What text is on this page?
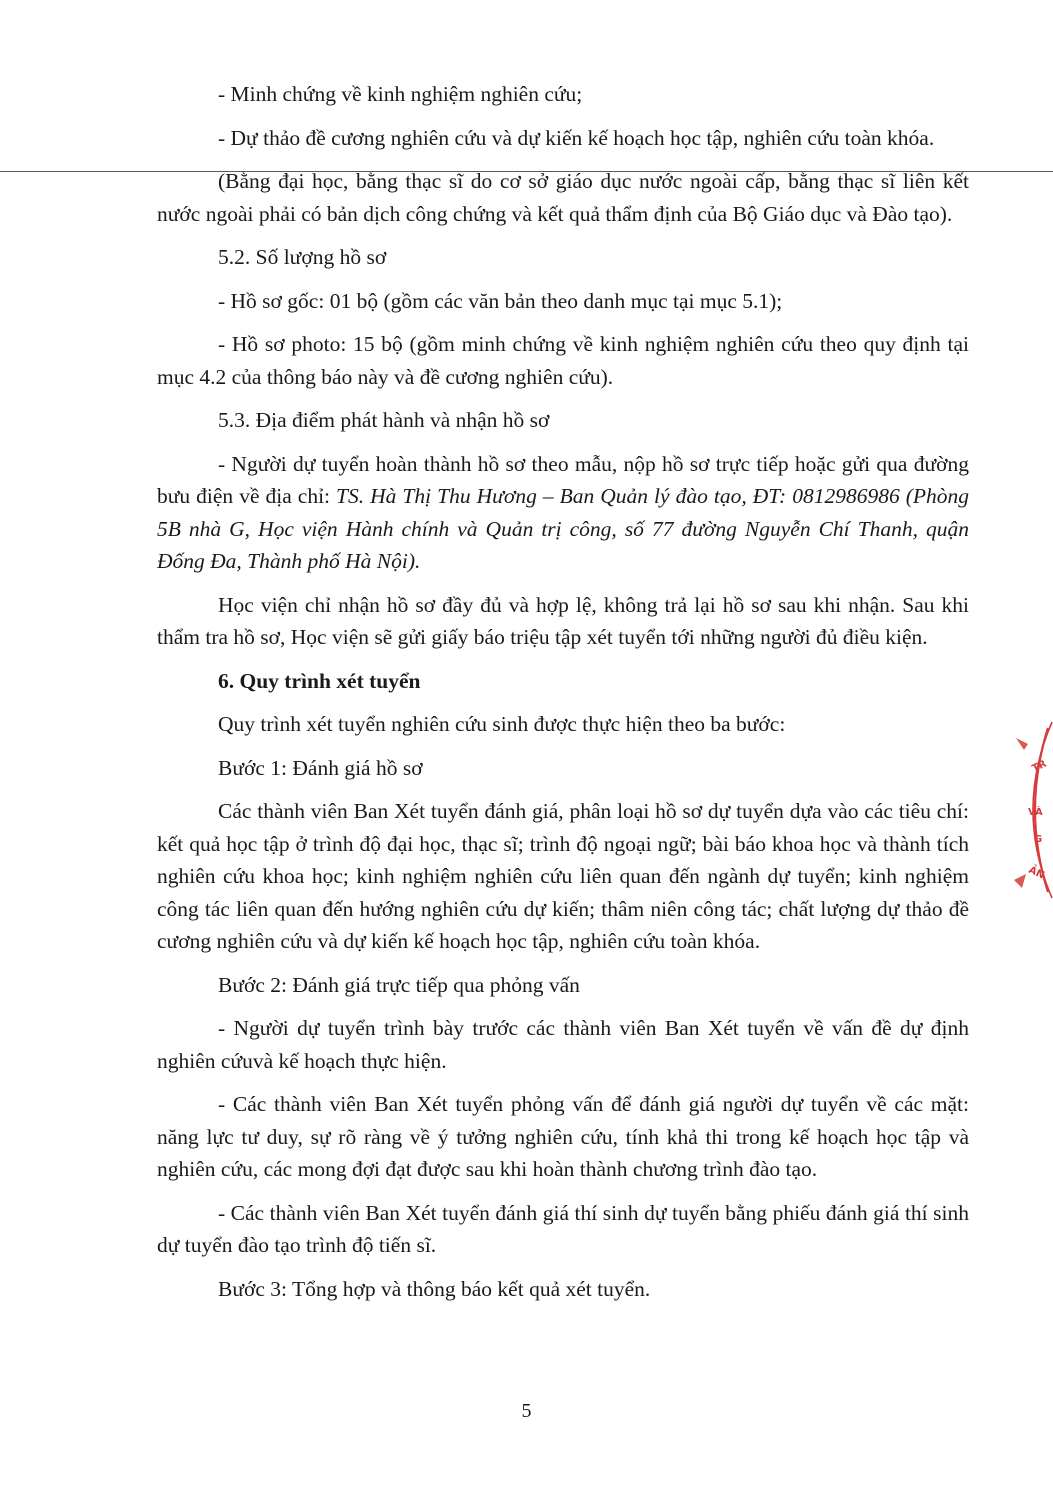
- Minh chứng về kinh nghiệm nghiên cứu;

- Dự thảo đề cương nghiên cứu và dự kiến kế hoạch học tập, nghiên cứu toàn khóa.

(Bằng đại học, bằng thạc sĩ do cơ sở giáo dục nước ngoài cấp, bằng thạc sĩ liên kết nước ngoài phải có bản dịch công chứng và kết quả thẩm định của Bộ Giáo dục và Đào tạo).

5.2. Số lượng hồ sơ

- Hồ sơ gốc: 01 bộ (gồm các văn bản theo danh mục tại mục 5.1);

- Hồ sơ photo: 15 bộ (gồm minh chứng về kinh nghiệm nghiên cứu theo quy định tại mục 4.2 của thông báo này và đề cương nghiên cứu).

5.3. Địa điểm phát hành và nhận hồ sơ

- Người dự tuyển hoàn thành hồ sơ theo mẫu, nộp hồ sơ trực tiếp hoặc gửi qua đường bưu điện về địa chỉ: TS. Hà Thị Thu Hương – Ban Quản lý đào tạo, ĐT: 0812986986 (Phòng 5B nhà G, Học viện Hành chính và Quản trị công, số 77 đường Nguyễn Chí Thanh, quận Đống Đa, Thành phố Hà Nội).

Học viện chỉ nhận hồ sơ đầy đủ và hợp lệ, không trả lại hồ sơ sau khi nhận. Sau khi thẩm tra hồ sơ, Học viện sẽ gửi giấy báo triệu tập xét tuyển tới những người đủ điều kiện.

6. Quy trình xét tuyển

Quy trình xét tuyển nghiên cứu sinh được thực hiện theo ba bước:

Bước 1: Đánh giá hồ sơ

Các thành viên Ban Xét tuyển đánh giá, phân loại hồ sơ dự tuyển dựa vào các tiêu chí: kết quả học tập ở trình độ đại học, thạc sĩ; trình độ ngoại ngữ; bài báo khoa học và thành tích nghiên cứu khoa học; kinh nghiệm nghiên cứu liên quan đến ngành dự tuyển; kinh nghiệm công tác liên quan đến hướng nghiên cứu dự kiến; thâm niên công tác; chất lượng dự thảo đề cương nghiên cứu và dự kiến kế hoạch học tập, nghiên cứu toàn khóa.

Bước 2: Đánh giá trực tiếp qua phỏng vấn

- Người dự tuyển trình bày trước các thành viên Ban Xét tuyển về vấn đề dự định nghiên cứuvà kế hoạch thực hiện.

- Các thành viên Ban Xét tuyển phỏng vấn để đánh giá người dự tuyển về các mặt: năng lực tư duy, sự rõ ràng về ý tưởng nghiên cứu, tính khả thi trong kế hoạch học tập và nghiên cứu, các mong đợi đạt được sau khi hoàn thành chương trình đào tạo.

- Các thành viên Ban Xét tuyển đánh giá thí sinh dự tuyển bằng phiếu đánh giá thí sinh dự tuyển đào tạo trình độ tiến sĩ.

Bước 3: Tổng hợp và thông báo kết quả xét tuyển.

5
TR
VÀ
G
ẢN
